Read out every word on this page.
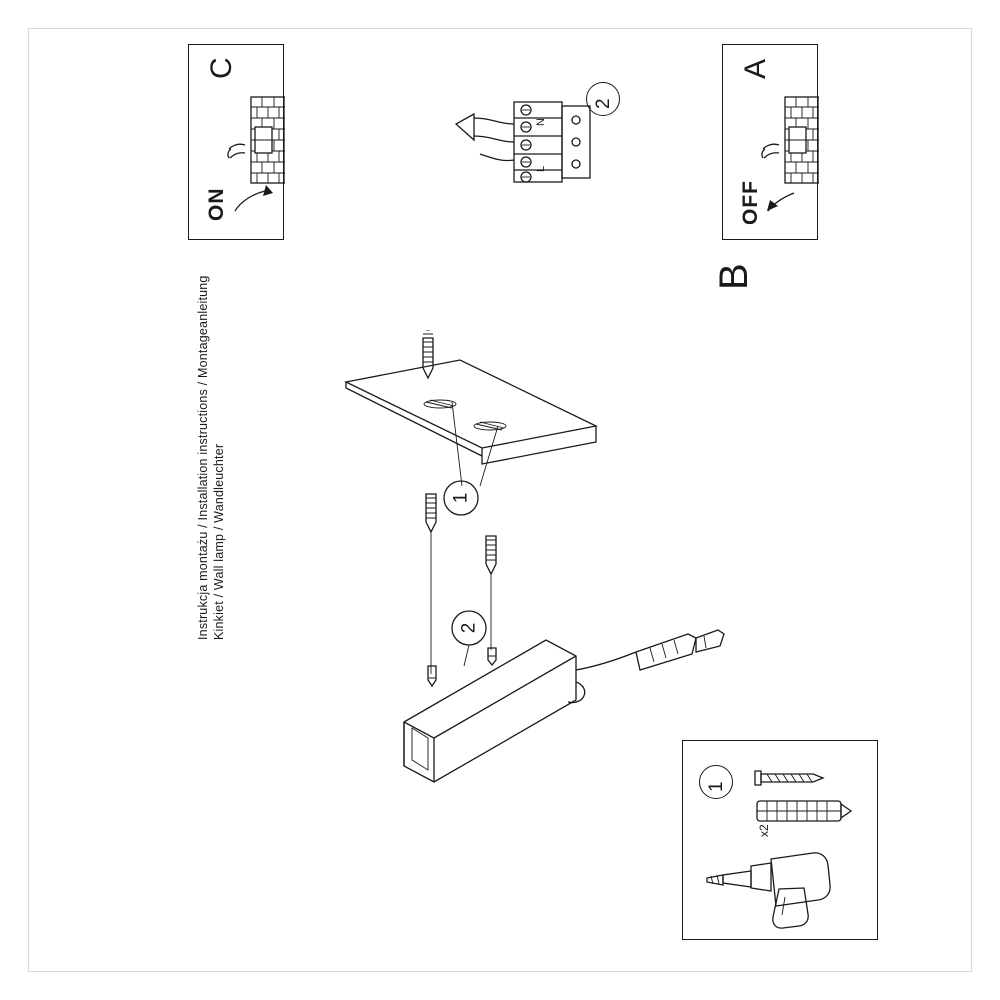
A
OFF
C
ON
B
2
N
L
1
x2
1
2
Instrukcja montażu / Installation instructions / Montageanleitung Kinkiet / Wall lamp / Wandleuchter
